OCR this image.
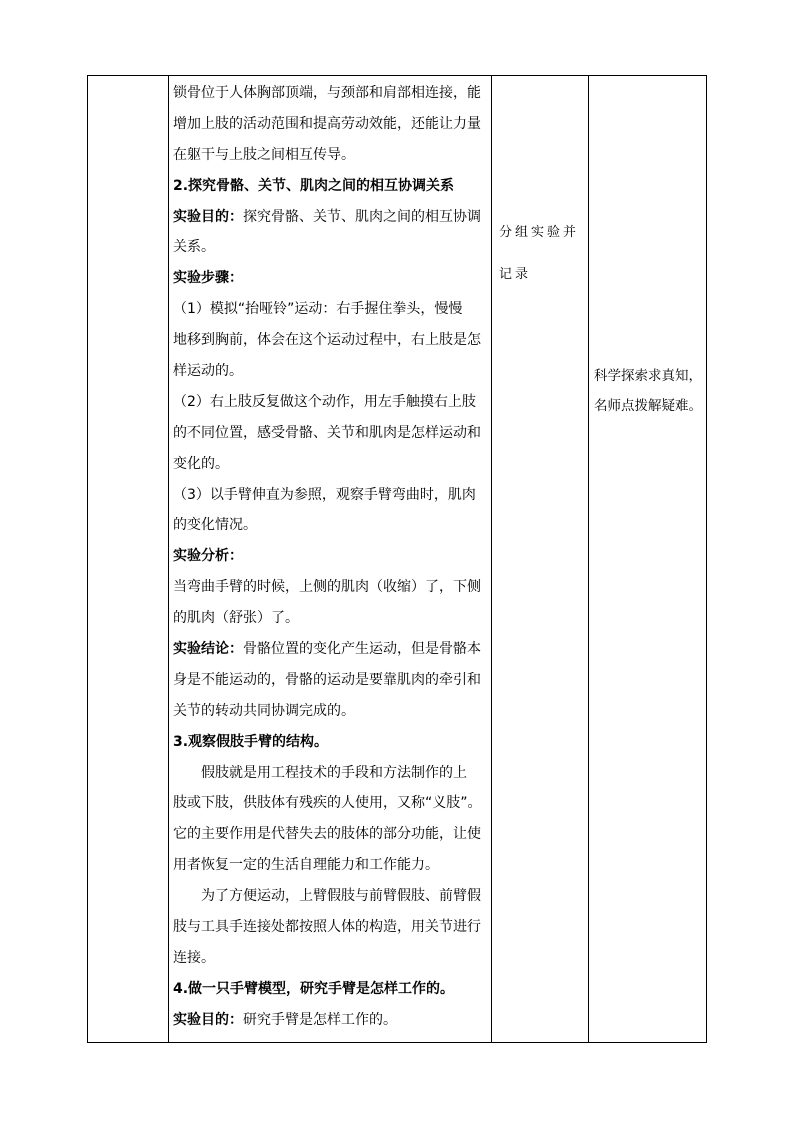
锁骨位于人体胸部顶端，与颈部和肩部相连接，能
增加上肢的活动范围和提高劳动效能，还能让力量
在躯干与上肢之间相互传导。
2.探究骨骼、关节、肌肉之间的相互协调关系
实验目的：探究骨骼、关节、肌肉之间的相互协调
关系。
实验步骤：
（1）模拟“抬哑铃”运动：右手握住拳头，慢慢
地移到胸前，体会在这个运动过程中，右上肢是怎
样运动的。
（2）右上肢反复做这个动作，用左手触摸右上肢
的不同位置，感受骨骼、关节和肌肉是怎样运动和
变化的。
（3）以手臂伸直为参照，观察手臂弯曲时，肌肉
的变化情况。
实验分析：
当弯曲手臂的时候，上侧的肌肉（收缩）了，下侧
的肌肉（舒张）了。
实验结论：骨骼位置的变化产生运动，但是骨骼本
身是不能运动的，骨骼的运动是要靠肌肉的牵引和
关节的转动共同协调完成的。
3.观察假肢手臂的结构。
假肢就是用工程技术的手段和方法制作的上
肢或下肢，供肢体有残疾的人使用，又称“义肢”。
它的主要作用是代替失去的肢体的部分功能，让使
用者恢复一定的生活自理能力和工作能力。
为了方便运动，上臂假肢与前臂假肢、前臂假
肢与工具手连接处都按照人体的构造，用关节进行
连接。
4.做一只手臂模型，研究手臂是怎样工作的。
实验目的：研究手臂是怎样工作的。
分组实验并记录
科学探索求真知，名师点拨解疑难。
